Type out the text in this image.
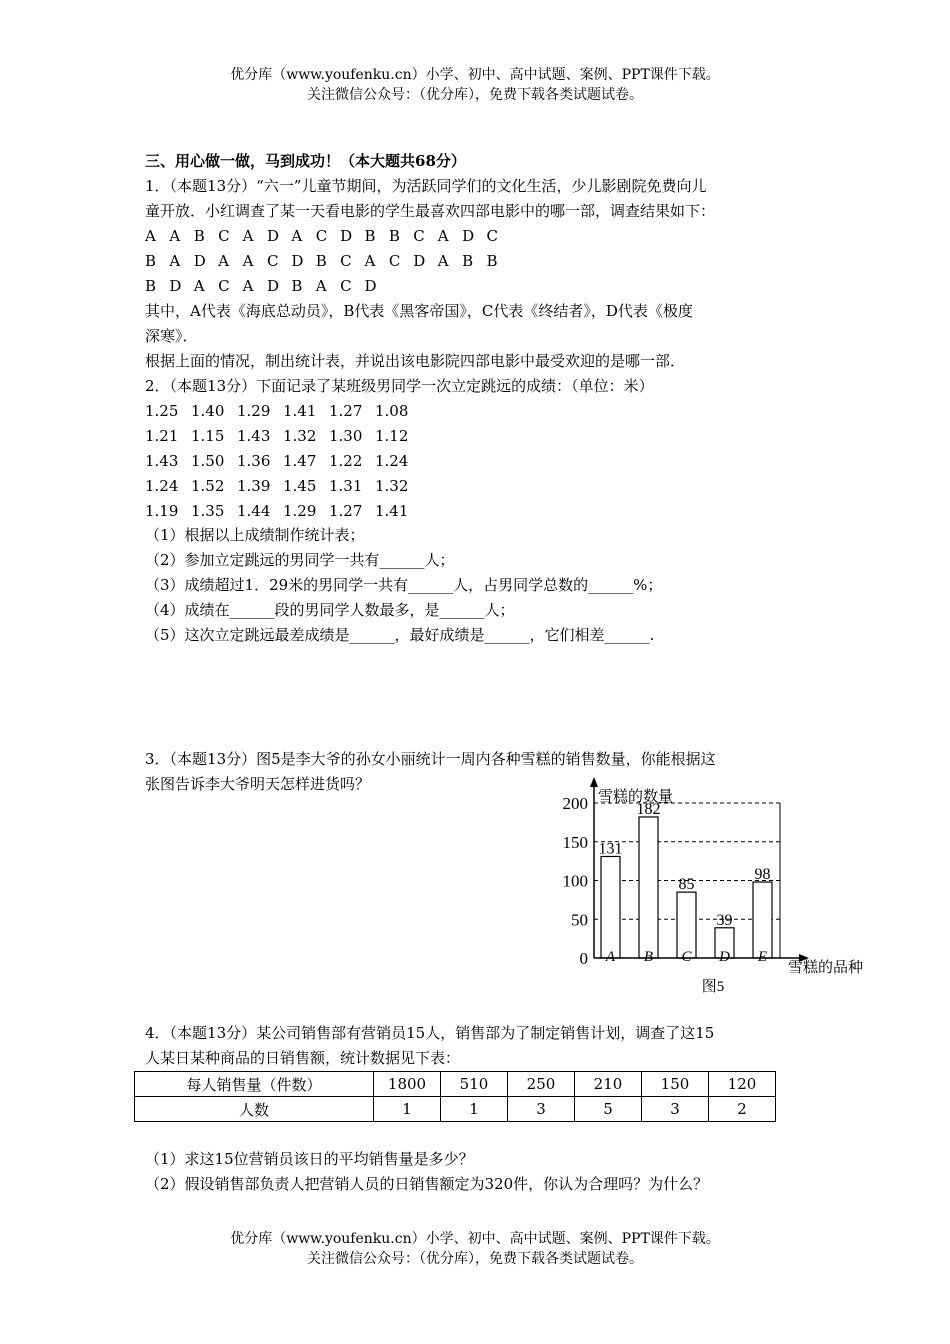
优分库（www.youfenku.cn）小学、初中、高中试题、案例、PPT课件下载。
关注微信公众号：（优分库），免费下载各类试题试卷。
三、用心做一做，马到成功！（本大题共68分）
1．（本题13分）“六一”儿童节期间，为活跃同学们的文化生活，少儿影剧院免费向儿
童开放．小红调查了某一天看电影的学生最喜欢四部电影中的哪一部，调查结果如下：
A A B C A D A C D B B C A D C
B A D A A C D B C A C D A B B
B D A C A D B A C D
其中，A代表《海底总动员》，B代表《黑客帝国》，C代表《终结者》，D代表《极度
深寒》．
根据上面的情况，制出统计表，并说出该电影院四部电影中最受欢迎的是哪一部．
2．（本题13分）下面记录了某班级男同学一次立定跳远的成绩：（单位：米）
1.25 1.40 1.29 1.41 1.27 1.08
1.21 1.15 1.43 1.32 1.30 1.12
1.43 1.50 1.36 1.47 1.22 1.24
1.24 1.52 1.39 1.45 1.31 1.32
1.19 1.35 1.44 1.29 1.27 1.41
（1）根据以上成绩制作统计表；
（2）参加立定跳远的男同学一共有______人；
（3）成绩超过1．29米的男同学一共有______人，占男同学总数的______%；
（4）成绩在______段的男同学人数最多，是______人；
（5）这次立定跳远最差成绩是______，最好成绩是______，它们相差______.
3．（本题13分）图5是李大爷的孙女小丽统计一周内各种雪糕的销售数量，你能根据这
张图告诉李大爷明天怎样进货吗？
0
50
100
150
200
131
A
182
B
85
C
39
D
98
E
雪糕的数量
雪糕的品种
图5
4．（本题13分）某公司销售部有营销员15人，销售部为了制定销售计划，调查了这15
人某日某种商品的日销售额，统计数据见下表：
每人销售量（件数）	1800	510	250	210	150	120
人数	1	1	3	5	3	2
（1）求这15位营销员该日的平均销售量是多少？
（2）假设销售部负责人把营销人员的日销售额定为320件，你认为合理吗？为什么？
优分库（www.youfenku.cn）小学、初中、高中试题、案例、PPT课件下载。
关注微信公众号：（优分库），免费下载各类试题试卷。
